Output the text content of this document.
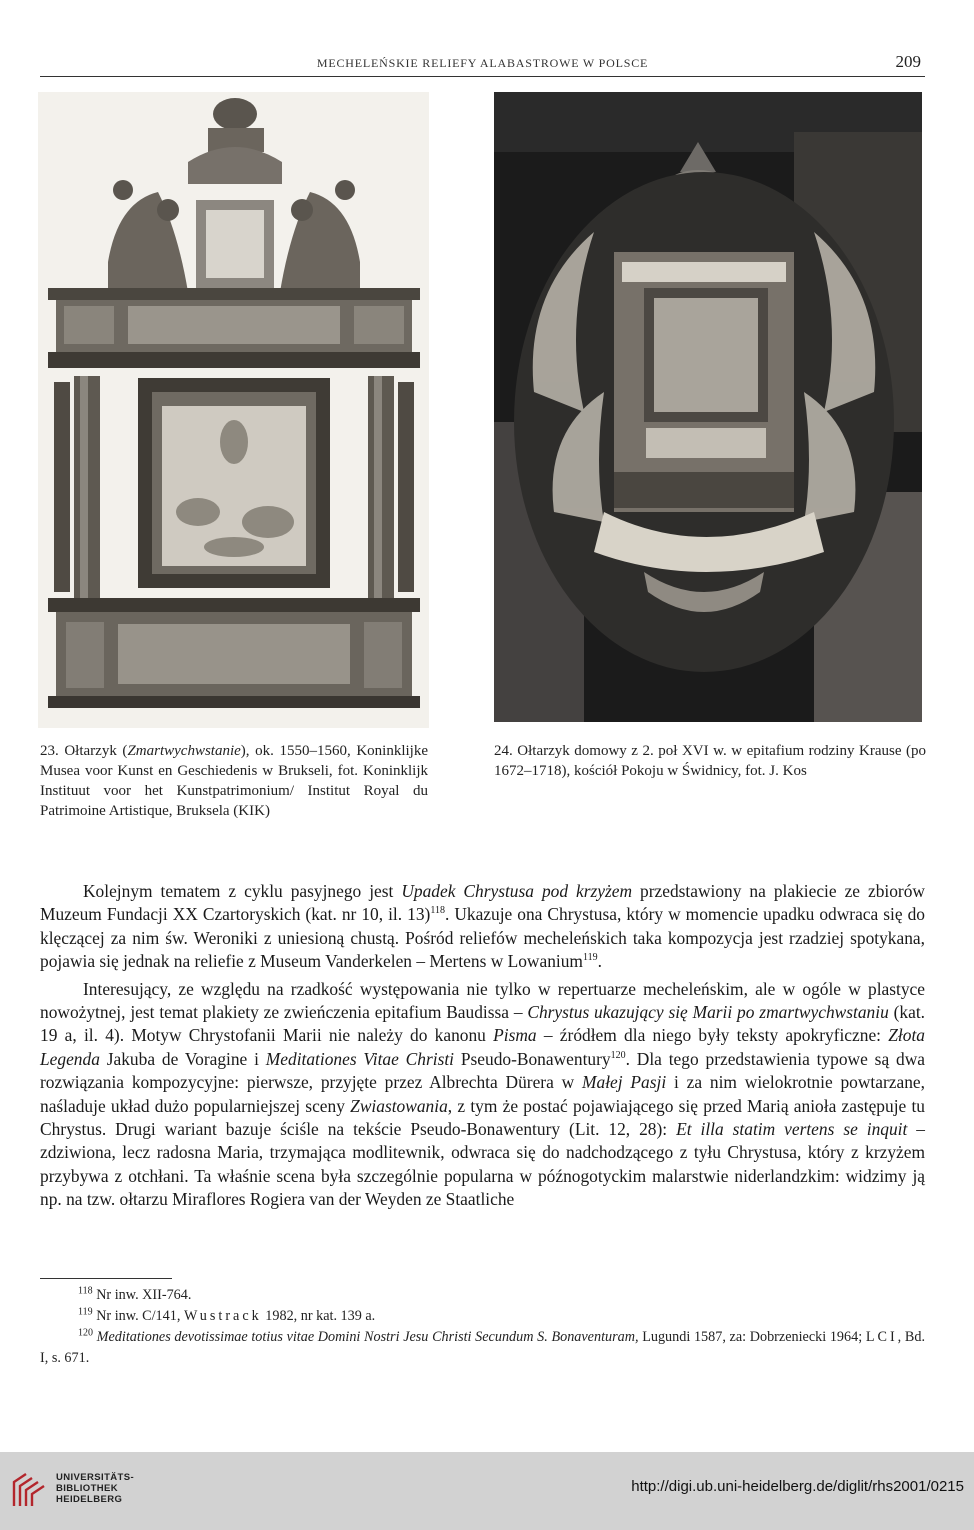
MECHELEŃSKIE RELIEFY ALABASTROWE W POLSCE	209
23. Ołtarzyk (Zmartwychwstanie), ok. 1550–1560, Koninklijke Musea voor Kunst en Geschiedenis w Brukseli, fot. Koninklijk Instituut voor het Kunstpatrimonium/ Institut Royal du Patrimoine Artistique, Bruksela (KIK)
24. Ołtarzyk domowy z 2. poł XVI w. w epitafium rodziny Krause (po 1672–1718), kościół Pokoju w Świdnicy, fot. J. Kos

Kolejnym tematem z cyklu pasyjnego jest Upadek Chrystusa pod krzyżem przedstawiony na plakiecie ze zbiorów Muzeum Fundacji XX Czartoryskich (kat. nr 10, il. 13)$^{118}$. Ukazuje ona Chrystusa, który w momencie upadku odwraca się do klęczącej za nim św. Weroniki z uniesioną chustą. Pośród reliefów mecheleńskich taka kompozycja jest rzadziej spotykana, pojawia się jednak na reliefie z Museum Vanderkelen – Mertens w Lowanium$^{119}$.

Interesujący, ze względu na rzadkość występowania nie tylko w repertuarze mecheleńskim, ale w ogóle w plastyce nowożytnej, jest temat plakiety ze zwieńczenia epitafium Baudissa – Chrystus ukazujący się Marii po zmartwychwstaniu (kat. 19 a, il. 4). Motyw Chrystofanii Marii nie należy do kanonu Pisma – źródłem dla niego były teksty apokryficzne: Złota Legenda Jakuba de Voragine i Meditationes Vitae Christi Pseudo-Bonawentury$^{120}$. Dla tego przedstawienia typowe są dwa rozwiązania kompozycyjne: pierwsze, przyjęte przez Albrechta Dürera w Małej Pasji i za nim wielokrotnie powtarzane, naśladuje układ dużo popularniejszej sceny Zwiastowania, z tym że postać pojawiającego się przed Marią anioła zastępuje tu Chrystus. Drugi wariant bazuje ściśle na tekście Pseudo-Bonawentury (Lit. 12, 28): Et illa statim vertens se inquit – zdziwiona, lecz radosna Maria, trzymająca modlitewnik, odwraca się do nadchodzącego z tyłu Chrystusa, który z krzyżem przybywa z otchłani. Ta właśnie scena była szczególnie popularna w późnogotyckim malarstwie niderlandzkim: widzimy ją np. na tzw. ołtarzu Miraflores Rogiera van der Weyden ze Staatliche

$^{118}$ Nr inw. XII-764.
$^{119}$ Nr inw. C/141, Wustrack 1982, nr kat. 139 a.
$^{120}$ Meditationes devotissimae totius vitae Domini Nostri Jesu Christi Secundum S. Bonaventuram, Lugundi 1587, za: Dobrzeniecki 1964; LCI, Bd. I, s. 671.
UNIVERSITÄTS-
BIBLIOTHEK
HEIDELBERG
http://digi.ub.uni-heidelberg.de/diglit/rhs2001/0215
